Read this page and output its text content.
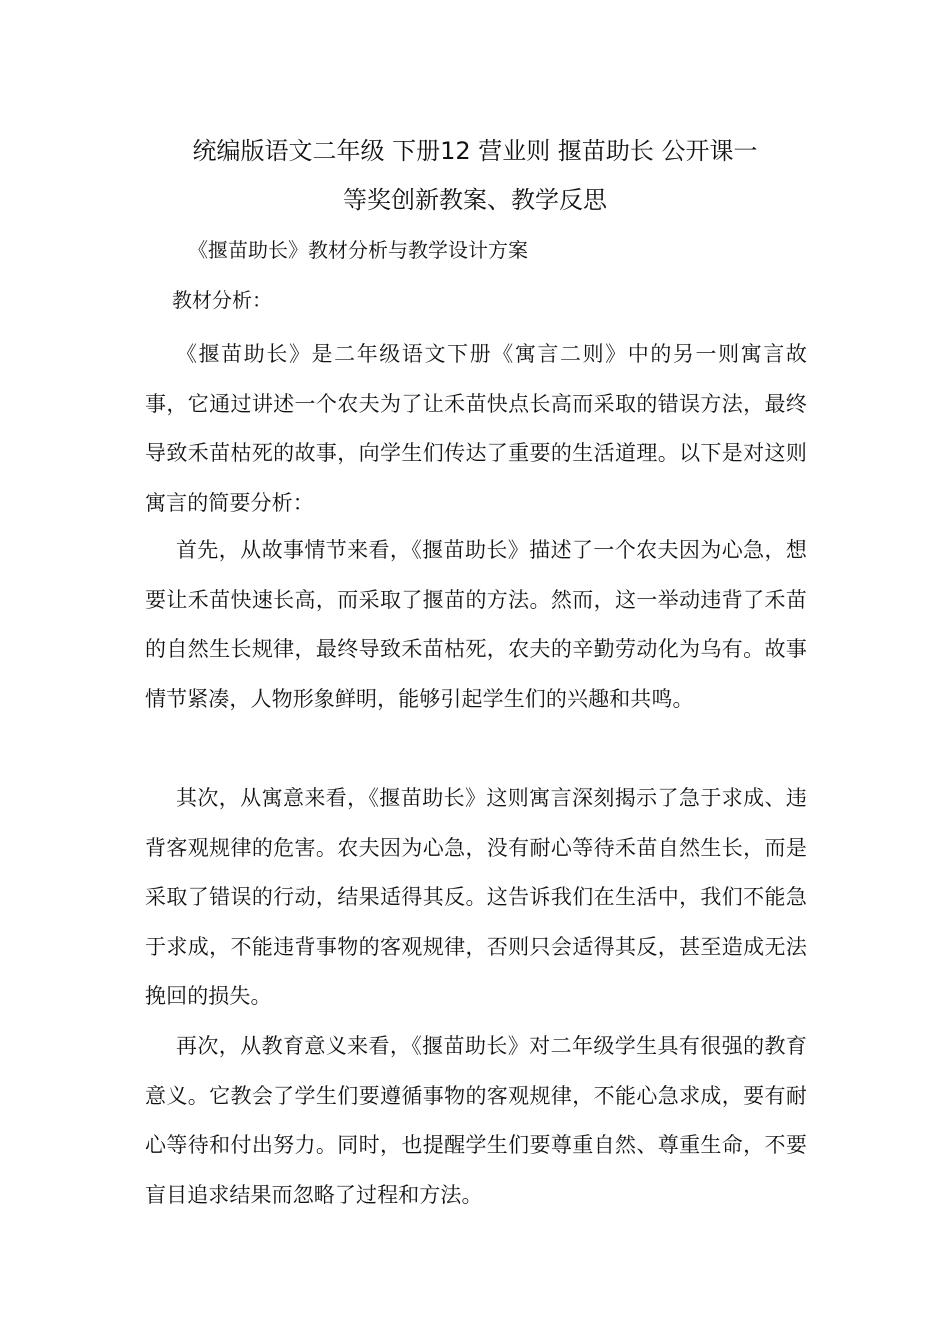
统编版语文二年级 下册12 营业则 揠苗助长 公开课一
等奖创新教案、教学反思
《揠苗助长》教材分析与教学设计方案
教材分析：
《揠苗助长》是二年级语文下册《寓言二则》中的另一则寓言故事，它通过讲述一个农夫为了让禾苗快点长高而采取的错误方法，最终导致禾苗枯死的故事，向学生们传达了重要的生活道理。以下是对这则寓言的简要分析：
首先，从故事情节来看，《揠苗助长》描述了一个农夫因为心急，想要让禾苗快速长高，而采取了揠苗的方法。然而，这一举动违背了禾苗的自然生长规律，最终导致禾苗枯死，农夫的辛勤劳动化为乌有。故事情节紧凑，人物形象鲜明，能够引起学生们的兴趣和共鸣。
其次，从寓意来看，《揠苗助长》这则寓言深刻揭示了急于求成、违背客观规律的危害。农夫因为心急，没有耐心等待禾苗自然生长，而是采取了错误的行动，结果适得其反。这告诉我们在生活中，我们不能急于求成，不能违背事物的客观规律，否则只会适得其反，甚至造成无法挽回的损失。
再次，从教育意义来看，《揠苗助长》对二年级学生具有很强的教育意义。它教会了学生们要遵循事物的客观规律，不能心急求成，要有耐心等待和付出努力。同时，也提醒学生们要尊重自然、尊重生命，不要盲目追求结果而忽略了过程和方法。
